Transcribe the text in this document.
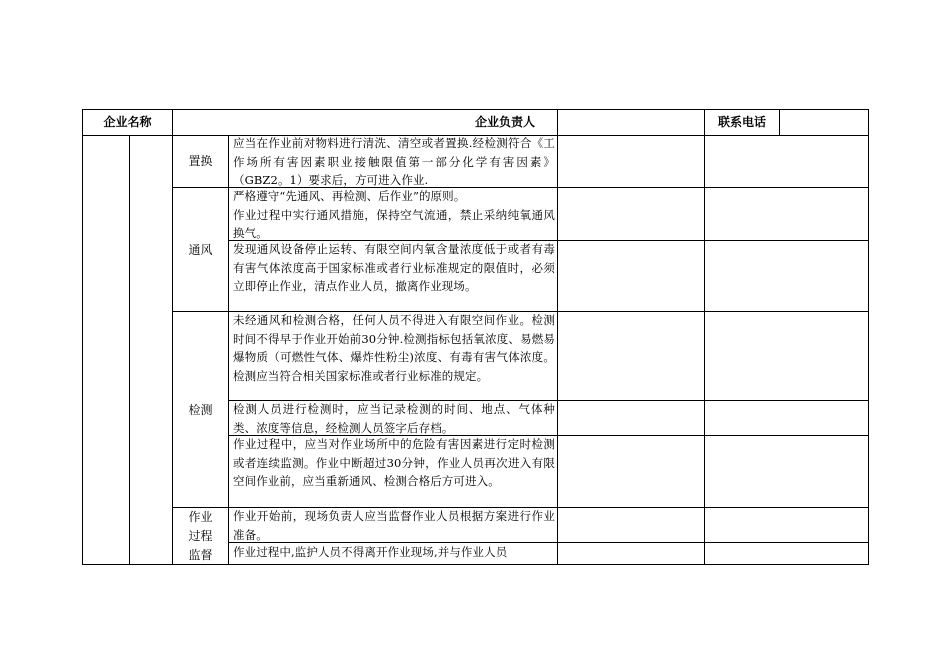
企业名称	企业负责人	联系电话
置换
通风
检测
作业
过程
监督

应当在作业前对物料进行清洗、清空或者置换.经检测符合《工作场所有害因素职业接触限值第一部分化学有害因素》（GBZ2。1）要求后，方可进入作业.

严格遵守“先通风、再检测、后作业”的原则。

作业过程中实行通风措施，保持空气流通，禁止采纳纯氧通风换气。

发现通风设备停止运转、有限空间内氧含量浓度低于或者有毒有害气体浓度高于国家标准或者行业标准规定的限值时，必须立即停止作业，清点作业人员，撤离作业现场。

未经通风和检测合格，任何人员不得进入有限空间作业。检测时间不得早于作业开始前30分钟.检测指标包括氧浓度、易燃易爆物质（可燃性气体、爆炸性粉尘)浓度、有毒有害气体浓度。检测应当符合相关国家标准或者行业标准的规定。

检测人员进行检测时，应当记录检测的时间、地点、气体种类、浓度等信息，经检测人员签字后存档。

作业过程中，应当对作业场所中的危险有害因素进行定时检测或者连续监测。作业中断超过30分钟，作业人员再次进入有限空间作业前，应当重新通风、检测合格后方可进入。

作业开始前，现场负责人应当监督作业人员根据方案进行作业准备。

作业过程中,监护人员不得离开作业现场,并与作业人员
